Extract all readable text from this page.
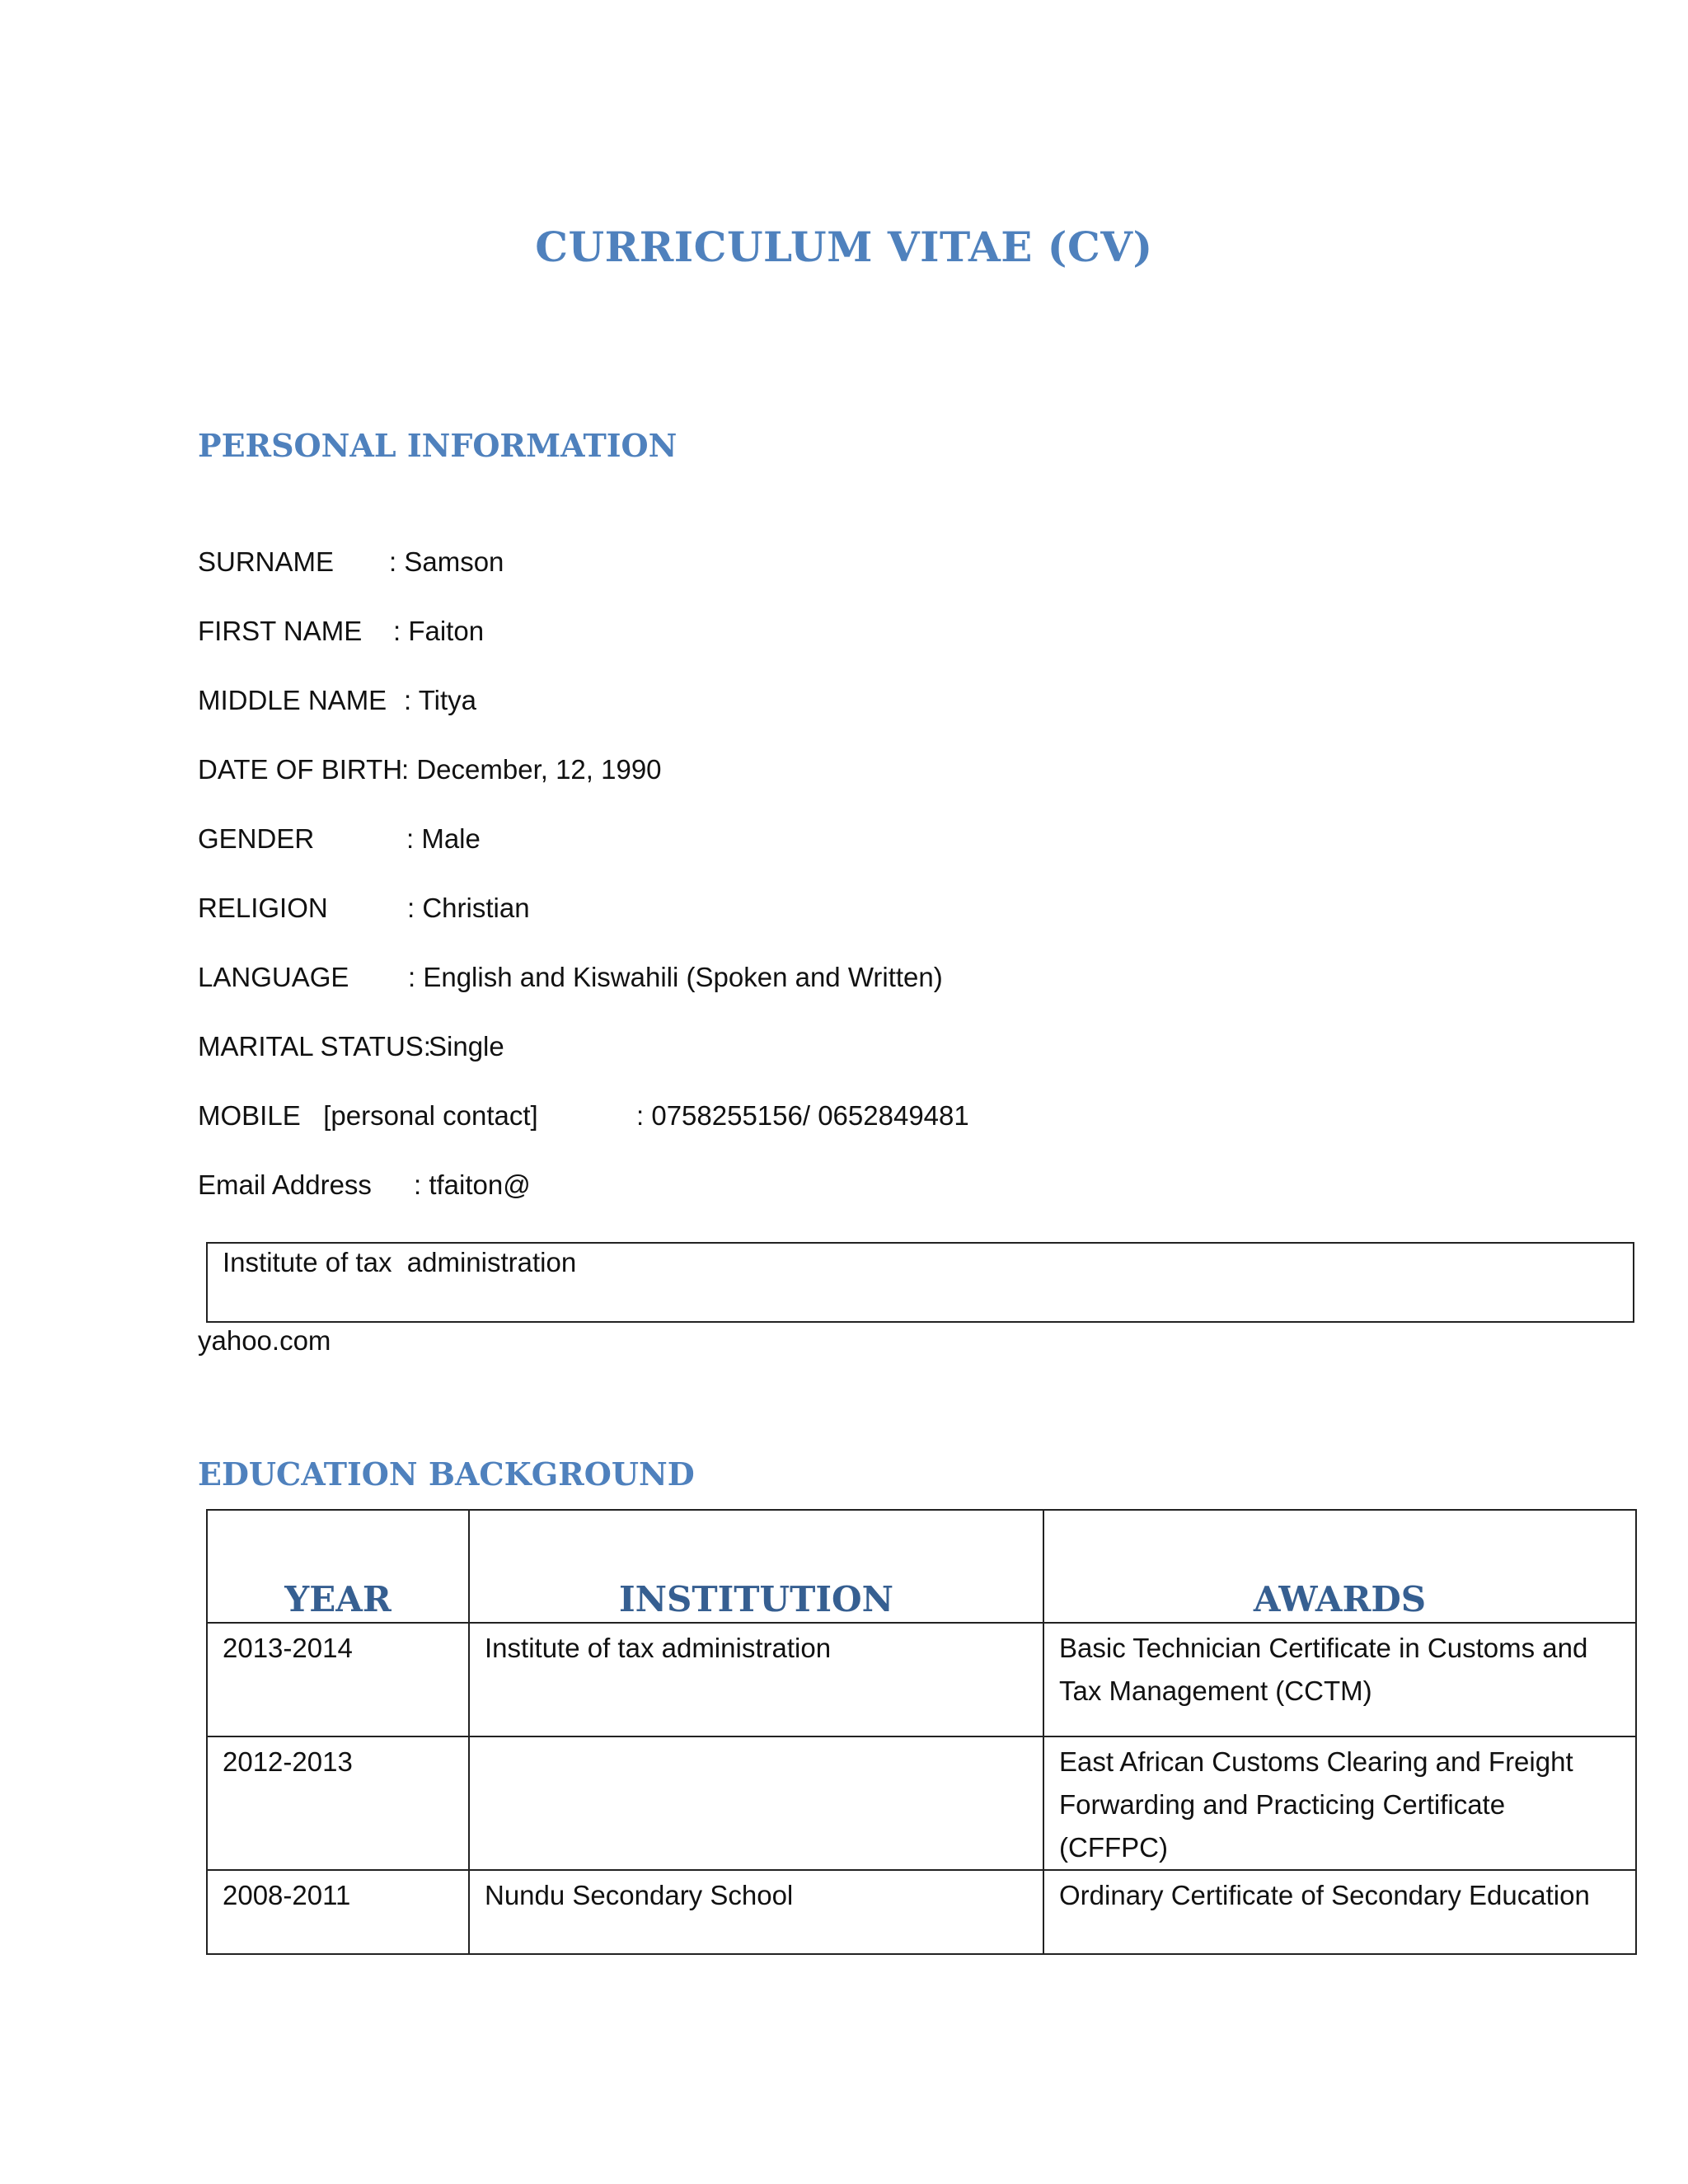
CURRICULUM VITAE (CV)
PERSONAL INFORMATION
SURNAME : Samson
FIRST NAME : Faiton
MIDDLE NAME : Titya
DATE OF BIRTH
: December, 12, 1990
GENDER	: Male
RELIGION	: Christian
LANGUAGE : English and Kiswahili (Spoken and Written)
MARITAL STATUS:
Single
MOBILE   [personal contact]	: 0758255156/ 0652849481
Email Address : tfaiton@
Institute of tax  administration
yahoo.com
EDUCATION BACKGROUND
YEAR	INSTITUTION	AWARDS
2013-2014	Institute of tax administration	Basic Technician Certificate in Customs and Tax Management (CCTM)
2012-2013		East African Customs Clearing and Freight Forwarding and Practicing Certificate (CFFPC)
2008-2011	Nundu Secondary School	Ordinary Certificate of Secondary Education
